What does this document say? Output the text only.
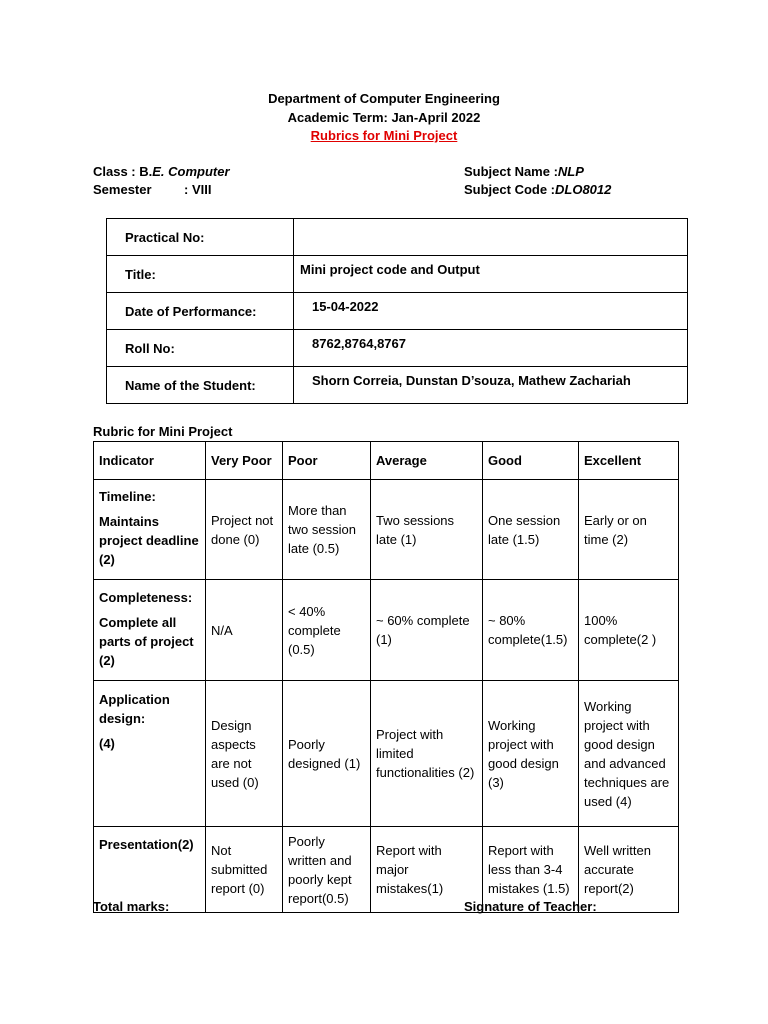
Department of Computer Engineering
Academic Term: Jan-April 2022
Rubrics for Mini Project
Class : B.E. Computer
Semester : VIII
Subject Name :NLP
Subject Code :DLO8012
Practical No:	
Title:	Mini project code and Output
Date of Performance:	15-04-2022
Roll No:	8762,8764,8767
Name of the Student:	Shorn Correia, Dunstan D’souza, Mathew Zachariah
Rubric for Mini Project
Indicator	Very Poor	Poor	Average	Good	Excellent

Timeline:

Maintains project deadline (2)	Project not done (0)	More than two session late (0.5)	Two sessions late (1)	One session late (1.5)	Early or on time (2)

Completeness:

Complete all parts of project (2)	N/A	< 40% complete (0.5)	~ 60% complete (1)	~ 80% complete(1.5)	100% complete(2 )

Application design:

(4)	Design aspects are not used (0)	Poorly designed (1)	Project with limited functionalities (2)	Working project with good design (3)	Working project with good design and advanced techniques are used (4)

Presentation(2)	Not submitted report (0)	Poorly written and poorly kept report(0.5)	Report with major mistakes(1)	Report with less than 3-4 mistakes (1.5)	Well written accurate report(2)
Total marks:	Signature of Teacher:
